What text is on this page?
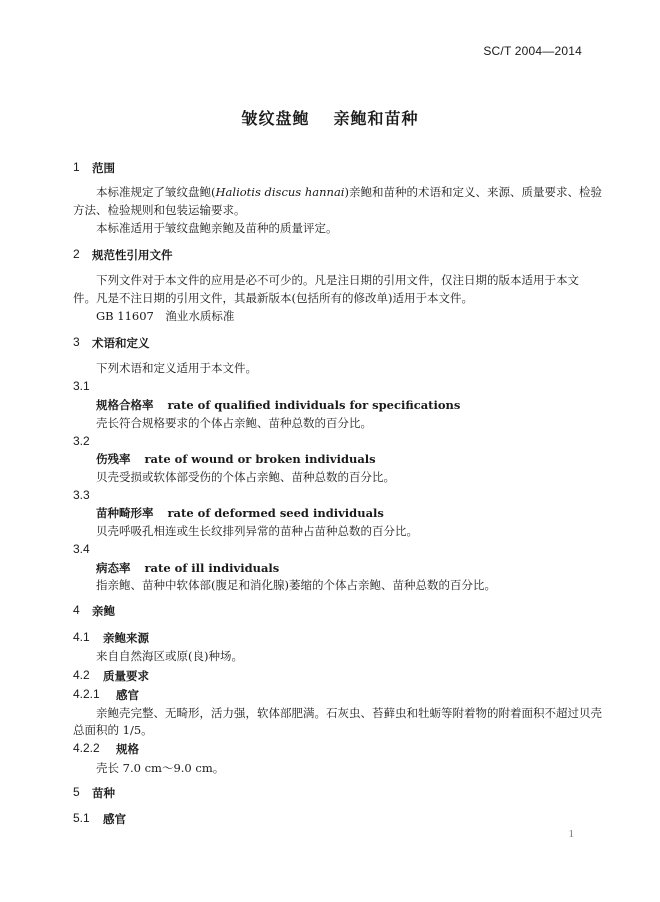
SC/T 2004—2014
皱纹盘鲍 亲鲍和苗种
1 范围
本标准规定了皱纹盘鲍(Haliotis discus hannai)亲鲍和苗种的术语和定义、来源、质量要求、检验
方法、检验规则和包装运输要求。
本标准适用于皱纹盘鲍亲鲍及苗种的质量评定。
2 规范性引用文件
下列文件对于本文件的应用是必不可少的。凡是注日期的引用文件，仅注日期的版本适用于本文
件。凡是不注日期的引用文件，其最新版本(包括所有的修改单)适用于本文件。
GB 11607　渔业水质标准
3 术语和定义
下列术语和定义适用于本文件。
3.1
规格合格率 rate of qualified individuals for specifications
壳长符合规格要求的个体占亲鲍、苗种总数的百分比。
3.2
伤残率 rate of wound or broken individuals
贝壳受损或软体部受伤的个体占亲鲍、苗种总数的百分比。
3.3
苗种畸形率 rate of deformed seed individuals
贝壳呼吸孔相连或生长纹排列异常的苗种占苗种总数的百分比。
3.4
病态率 rate of ill individuals
指亲鲍、苗种中软体部(腹足和消化腺)萎缩的个体占亲鲍、苗种总数的百分比。
4 亲鲍
4.1 亲鲍来源
来自自然海区或原(良)种场。
4.2 质量要求
4.2.1 感官
亲鲍壳完整、无畸形，活力强，软体部肥满。石灰虫、苔藓虫和牡蛎等附着物的附着面积不超过贝壳
总面积的 1/5。
4.2.2 规格
壳长 7.0 cm～9.0 cm。
5 苗种
5.1 感官
1
